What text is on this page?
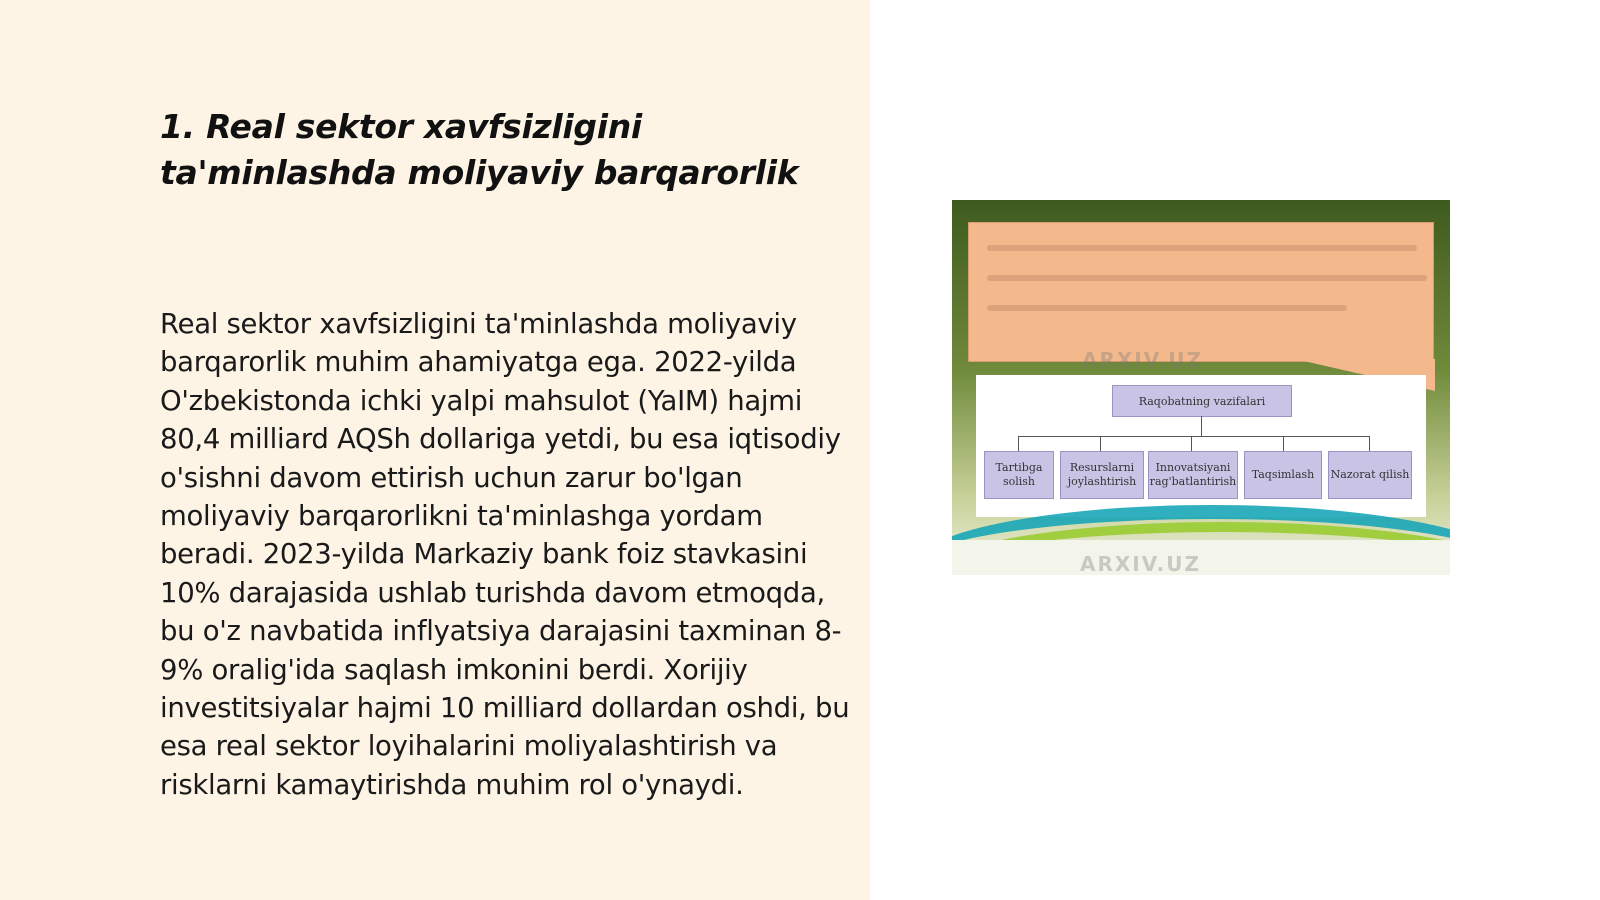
1. Real sektor xavfsizligini ta'minlashda moliyaviy barqarorlik

Real sektor xavfsizligini ta'minlashda moliyaviy barqarorlik muhim ahamiyatga ega. 2022-yilda O'zbekistonda ichki yalpi mahsulot (YaIM) hajmi 80,4 milliard AQSh dollariga yetdi, bu esa iqtisodiy o'sishni davom ettirish uchun zarur bo'lgan moliyaviy barqarorlikni ta'minlashga yordam beradi. 2023-yilda Markaziy bank foiz stavkasini 10% darajasida ushlab turishda davom etmoqda, bu o'z navbatida inflyatsiya darajasini taxminan 8-9% oralig'ida saqlash imkonini berdi. Xorijiy investitsiyalar hajmi 10 milliard dollardan oshdi, bu esa real sektor loyihalarini moliyalashtirish va risklarni kamaytirishda muhim rol o'ynaydi.

ARXIV.UZ
Raqobatning vazifalari
Tartibga solish
Resurslarni joylashtirish
Innovatsiyani rag'batlantirish
Taqsimlash	Nazorat qilish
ARXIV.UZ
